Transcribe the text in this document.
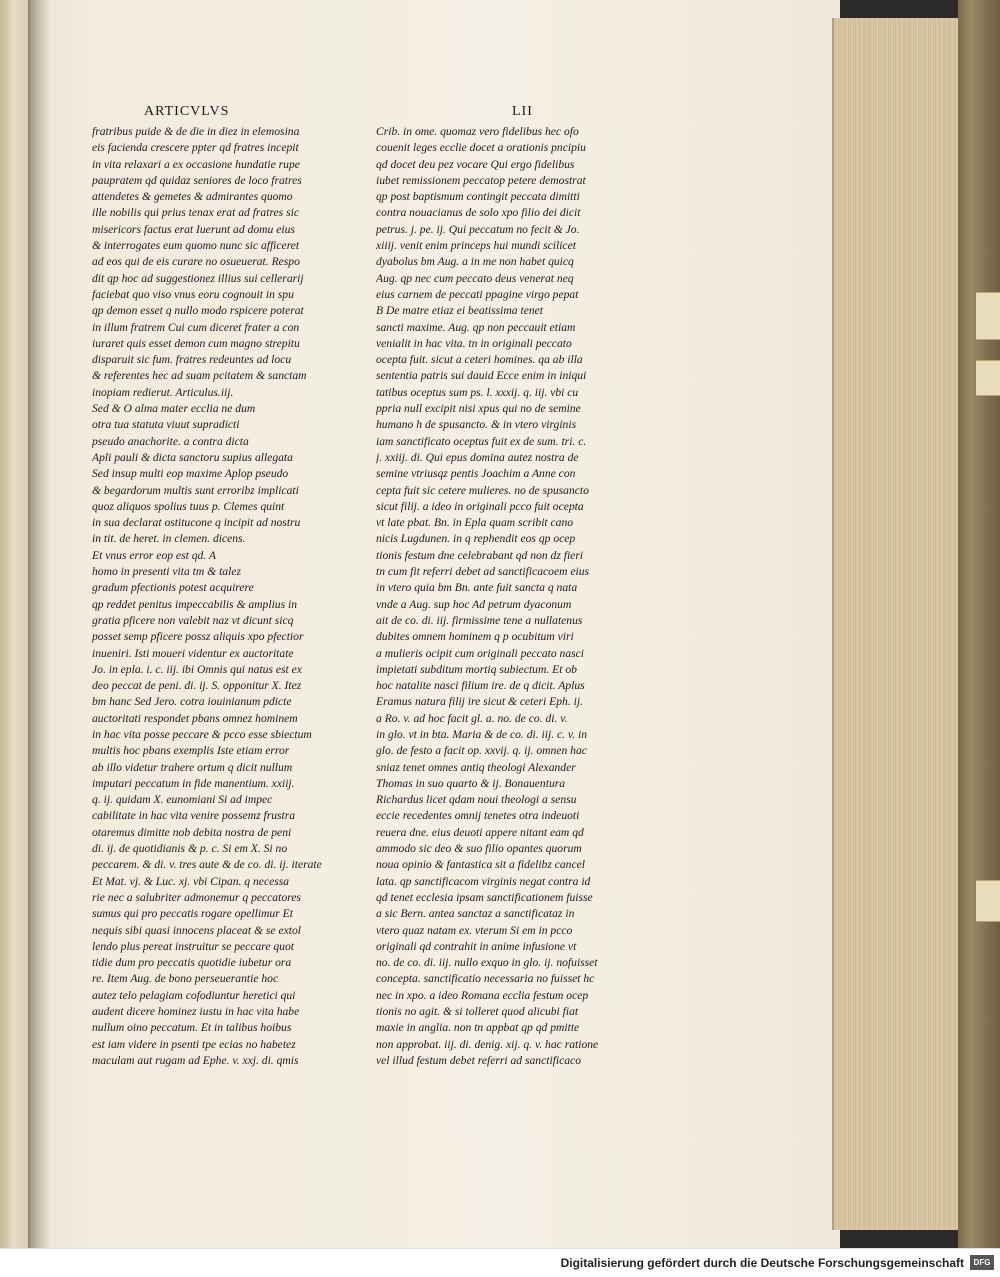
ARTICVLVS	LII
fratribus puide & de die in diez in elemosina
eis facienda crescere ppter qd fratres incepit
in vita relaxari a ex occasione hundatie rupe
paupratem qd quidaz seniores de loco fratres
attendetes & gemetes & admirantes quomo
ille nobilis qui prius tenax erat ad fratres sic
misericors factus erat Iuerunt ad domu eius
& interrogates eum quomo nunc sic afficeret
ad eos qui de eis curare no osueuerat. Respo
dit qp hoc ad suggestionez illius sui cellerarij
faciebat quo viso vnus eoru cognouit in spu
qp demon esset q nullo modo rspicere poterat
in illum fratrem Cui cum diceret frater a con
iuraret quis esset demon cum magno strepitu
disparuit sic fum. fratres redeuntes ad locu
& referentes hec ad suam pcitatem & sanctam
inopiam redierut. Articulus.iij.
Sed & O alma mater ecclia ne dum
otra tua statuta viuut supradicti
pseudo anachorite. a contra dicta
Apli pauli & dicta sanctoru supius allegata
Sed insup multi eop maxime Aplop pseudo
& begardorum multis sunt erroribz implicati
quoz aliquos spolius tuus p. Clemes quint
in sua declarat ostitucone q incipit ad nostru
in tit. de heret. in clemen. dicens.
Et vnus error eop est qd. A
homo in presenti vita tm & talez
gradum pfectionis potest acquirere
qp reddet penitus impeccabilis & amplius in
gratia pficere non valebit naz vt dicunt sicq
posset semp pficere possz aliquis xpo pfectior
inueniri. Isti moueri videntur ex auctoritate
Jo. in epla. i. c. iij. ibi Omnis qui natus est ex
deo peccat de peni. di. ij. S. opponitur X. Itez
bm hanc Sed Jero. cotra iouinianum pdicte
auctoritati respondet pbans omnez hominem
in hac vita posse peccare & pcco esse sbiectum
multis hoc pbans exemplis Iste etiam error
ab illo videtur trahere ortum q dicit nullum
imputari peccatum in fide manentium. xxiij.
q. ij. quidam X. eunomiani Si ad impec
cabilitate in hac vita venire possemz frustra
otaremus dimitte nob debita nostra de peni
di. ij. de quotidianis & p. c. Si em X. Si no
peccarem. & di. v. tres aute & de co. di. ij. iterate
Et Mat. vj. & Luc. xj. vbi Cipan. q necessa
rie nec a salubriter admonemur q peccatores
sumus qui pro peccatis rogare opellimur Et
nequis sibi quasi innocens placeat & se extol
lendo plus pereat instruitur se peccare quot
tidie dum pro peccatis quotidie iubetur ora
re. Item Aug. de bono perseuerantie hoc
autez telo pelagiam cofodiuntur heretici qui
audent dicere hominez iustu in hac vita habe
nullum oino peccatum. Et in talibus hoibus
est iam videre in psenti tpe ecias no habetez
maculam aut rugam ad Ephe. v. xxj. di. qmis
Crib. in ome. quomaz vero fidelibus hec ofo
couenit leges ecclie docet a orationis pncipiu
qd docet deu pez vocare Qui ergo fidelibus
iubet remissionem peccatop petere demostrat
qp post baptismum contingit peccata dimitti
contra nouacianus de solo xpo filio dei dicit
petrus. j. pe. ij. Qui peccatum no fecit & Jo.
xiiij. venit enim princeps hui mundi scilicet
dyabolus bm Aug. a in me non habet quicq
Aug. qp nec cum peccato deus venerat neq
eius carnem de peccati ppagine virgo pepat
B De matre etiaz ei beatissima tenet
sancti maxime. Aug. qp non peccauit etiam
venialit in hac vita. tn in originali peccato
ocepta fuit. sicut a ceteri homines. qa ab illa
sententia patris sui dauid Ecce enim in iniqui
tatibus oceptus sum ps. l. xxxij. q. iij. vbi cu
ppria null excipit nisi xpus qui no de semine
humano h de spusancto. & in vtero virginis
iam sanctificato oceptus fuit ex de sum. tri. c.
j. xxiij. di. Qui epus domina autez nostra de
semine vtriusqz pentis Joachim a Anne con
cepta fuit sic cetere mulieres. no de spusancto
sicut filij. a ideo in originali pcco fuit ocepta
vt late pbat. Bn. in Epla quam scribit cano
nicis Lugdunen. in q rephendit eos qp ocep
tionis festum dne celebrabant qd non dz fieri
tn cum fit referri debet ad sanctificacoem eius
in vtero quia bm Bn. ante fuit sancta q nata
vnde a Aug. sup hoc Ad petrum dyaconum
ait de co. di. iij. firmissime tene a nullatenus
dubites omnem hominem q p ocubitum viri
a mulieris ocipit cum originali peccato nasci
impietati subditum mortiq subiectum. Et ob
hoc natalite nasci filium ire. de q dicit. Aplus
Eramus natura filij ire sicut & ceteri Eph. ij.
a Ro. v. ad hoc facit gl. a. no. de co. di. v.
in glo. vt in bta. Maria & de co. di. iij. c. v. in
glo. de festo a facit op. xxvij. q. ij. omnen hac
sniaz tenet omnes antiq theologi Alexander
Thomas in suo quarto & ij. Bonauentura
Richardus licet qdam noui theologi a sensu
eccie recedentes omnij tenetes otra indeuoti
reuera dne. eius deuoti appere nitant eam qd
ammodo sic deo & suo filio opantes quorum
noua opinio & fantastica sit a fidelibz cancel
lata. qp sanctificacom virginis negat contra id
qd tenet ecclesia ipsam sanctificationem fuisse
a sic Bern. antea sanctaz a sanctificataz in
vtero quaz natam ex. vterum Si em in pcco
originali qd contrahit in anime infusione vt
no. de co. di. iij. nullo exquo in glo. ij. nofuisset
concepta. sanctificatio necessaria no fuisset hc
nec in xpo. a ideo Romana ecclia festum ocep
tionis no agit. & si tolleret quod alicubi fiat
maxie in anglia. non tn appbat qp qd pmitte
non approbat. iij. di. denig. xij. q. v. hac ratione
vel illud festum debet referri ad sanctificaco
Digitalisierung gefördert durch die Deutsche Forschungsgemeinschaft	DFG
